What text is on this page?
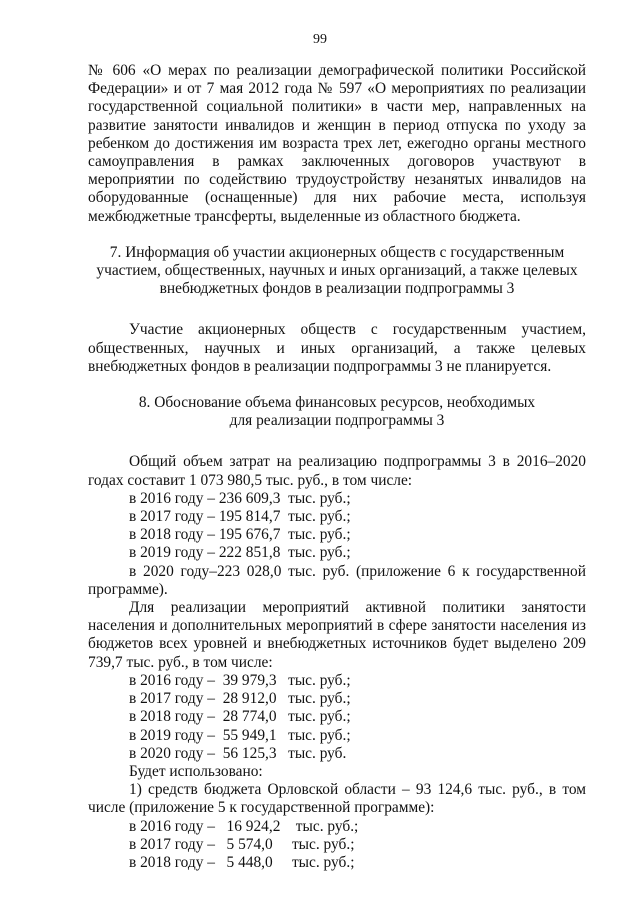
99

№ 606 «О мерах по реализации демографической политики Российской Федерации» и от 7 мая 2012 года № 597 «О мероприятиях по реализации государственной социальной политики» в части мер, направленных на развитие занятости инвалидов и женщин в период отпуска по уходу за ребенком до достижения им возраста трех лет, ежегодно органы местного самоуправления в рамках заключенных договоров участвуют в мероприятии по содействию трудоустройству незанятых инвалидов на оборудованные (оснащенные) для них рабочие места, используя межбюджетные трансферты, выделенные из областного бюджета.

7. Информация об участии акционерных обществ с государственным

участием, общественных, научных и иных организаций, а также целевых

внебюджетных фондов в реализации подпрограммы 3

Участие акционерных обществ с государственным участием, общественных, научных и иных организаций, а также целевых внебюджетных фондов в реализации подпрограммы 3 не планируется.

8. Обоснование объема финансовых ресурсов, необходимых

для реализации подпрограммы 3

Общий объем затрат на реализацию подпрограммы 3 в 2016–2020 годах составит 1 073 980,5 тыс. руб., в том числе:

в 2016 году – 236 609,3  тыс. руб.;

в 2017 году – 195 814,7  тыс. руб.;

в 2018 году – 195 676,7  тыс. руб.;

в 2019 году – 222 851,8  тыс. руб.;

в 2020 году–223 028,0 тыс. руб. (приложение 6 к государственной программе).

Для реализации мероприятий активной политики занятости населения и дополнительных мероприятий в сфере занятости населения из бюджетов всех уровней и внебюджетных источников будет выделено 209 739,7 тыс. руб., в том числе:

в 2016 году –  39 979,3   тыс. руб.;

в 2017 году –  28 912,0   тыс. руб.;

в 2018 году –  28 774,0   тыс. руб.;

в 2019 году –  55 949,1   тыс. руб.;

в 2020 году –  56 125,3   тыс. руб.

Будет использовано:

1) средств бюджета Орловской области – 93 124,6 тыс. руб., в том числе (приложение 5 к государственной программе):

в 2016 году –   16 924,2    тыс. руб.;

в 2017 году –   5 574,0     тыс. руб.;

в 2018 году –   5 448,0     тыс. руб.;
